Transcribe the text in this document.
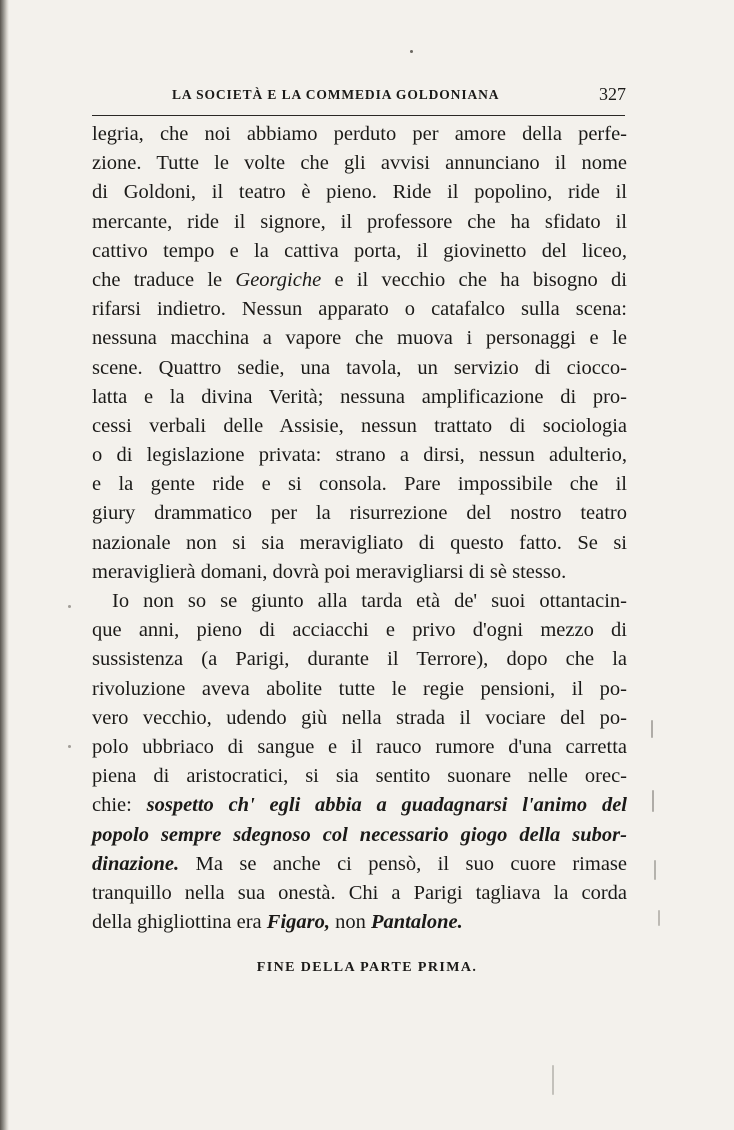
LA SOCIETÀ E LA COMMEDIA GOLDONIANA	327
legria, che noi abbiamo perduto per amore della perfe-
zione. Tutte le volte che gli avvisi annunciano il nome
di Goldoni, il teatro è pieno. Ride il popolino, ride il
mercante, ride il signore, il professore che ha sfidato il
cattivo tempo e la cattiva porta, il giovinetto del liceo,
che traduce le Georgiche e il vecchio che ha bisogno di
rifarsi indietro. Nessun apparato o catafalco sulla scena:
nessuna macchina a vapore che muova i personaggi e le
scene. Quattro sedie, una tavola, un servizio di ciocco-
latta e la divina Verità; nessuna amplificazione di pro-
cessi verbali delle Assisie, nessun trattato di sociologia
o di legislazione privata: strano a dirsi, nessun adulterio,
e la gente ride e si consola. Pare impossibile che il
giury drammatico per la risurrezione del nostro teatro
nazionale non si sia meravigliato di questo fatto. Se si
meraviglierà domani, dovrà poi meravigliarsi di sè stesso.
Io non so se giunto alla tarda età de' suoi ottantacin-
que anni, pieno di acciacchi e privo d'ogni mezzo di
sussistenza (a Parigi, durante il Terrore), dopo che la
rivoluzione aveva abolite tutte le regie pensioni, il po-
vero vecchio, udendo giù nella strada il vociare del po-
polo ubbriaco di sangue e il rauco rumore d'una carretta
piena di aristocratici, si sia sentito suonare nelle orec-
chie: sospetto ch' egli abbia a guadagnarsi l'animo del
popolo sempre sdegnoso col necessario giogo della subor-
dinazione. Ma se anche ci pensò, il suo cuore rimase
tranquillo nella sua onestà. Chi a Parigi tagliava la corda
della ghigliottina era Figaro, non Pantalone.
FINE DELLA PARTE PRIMA.
